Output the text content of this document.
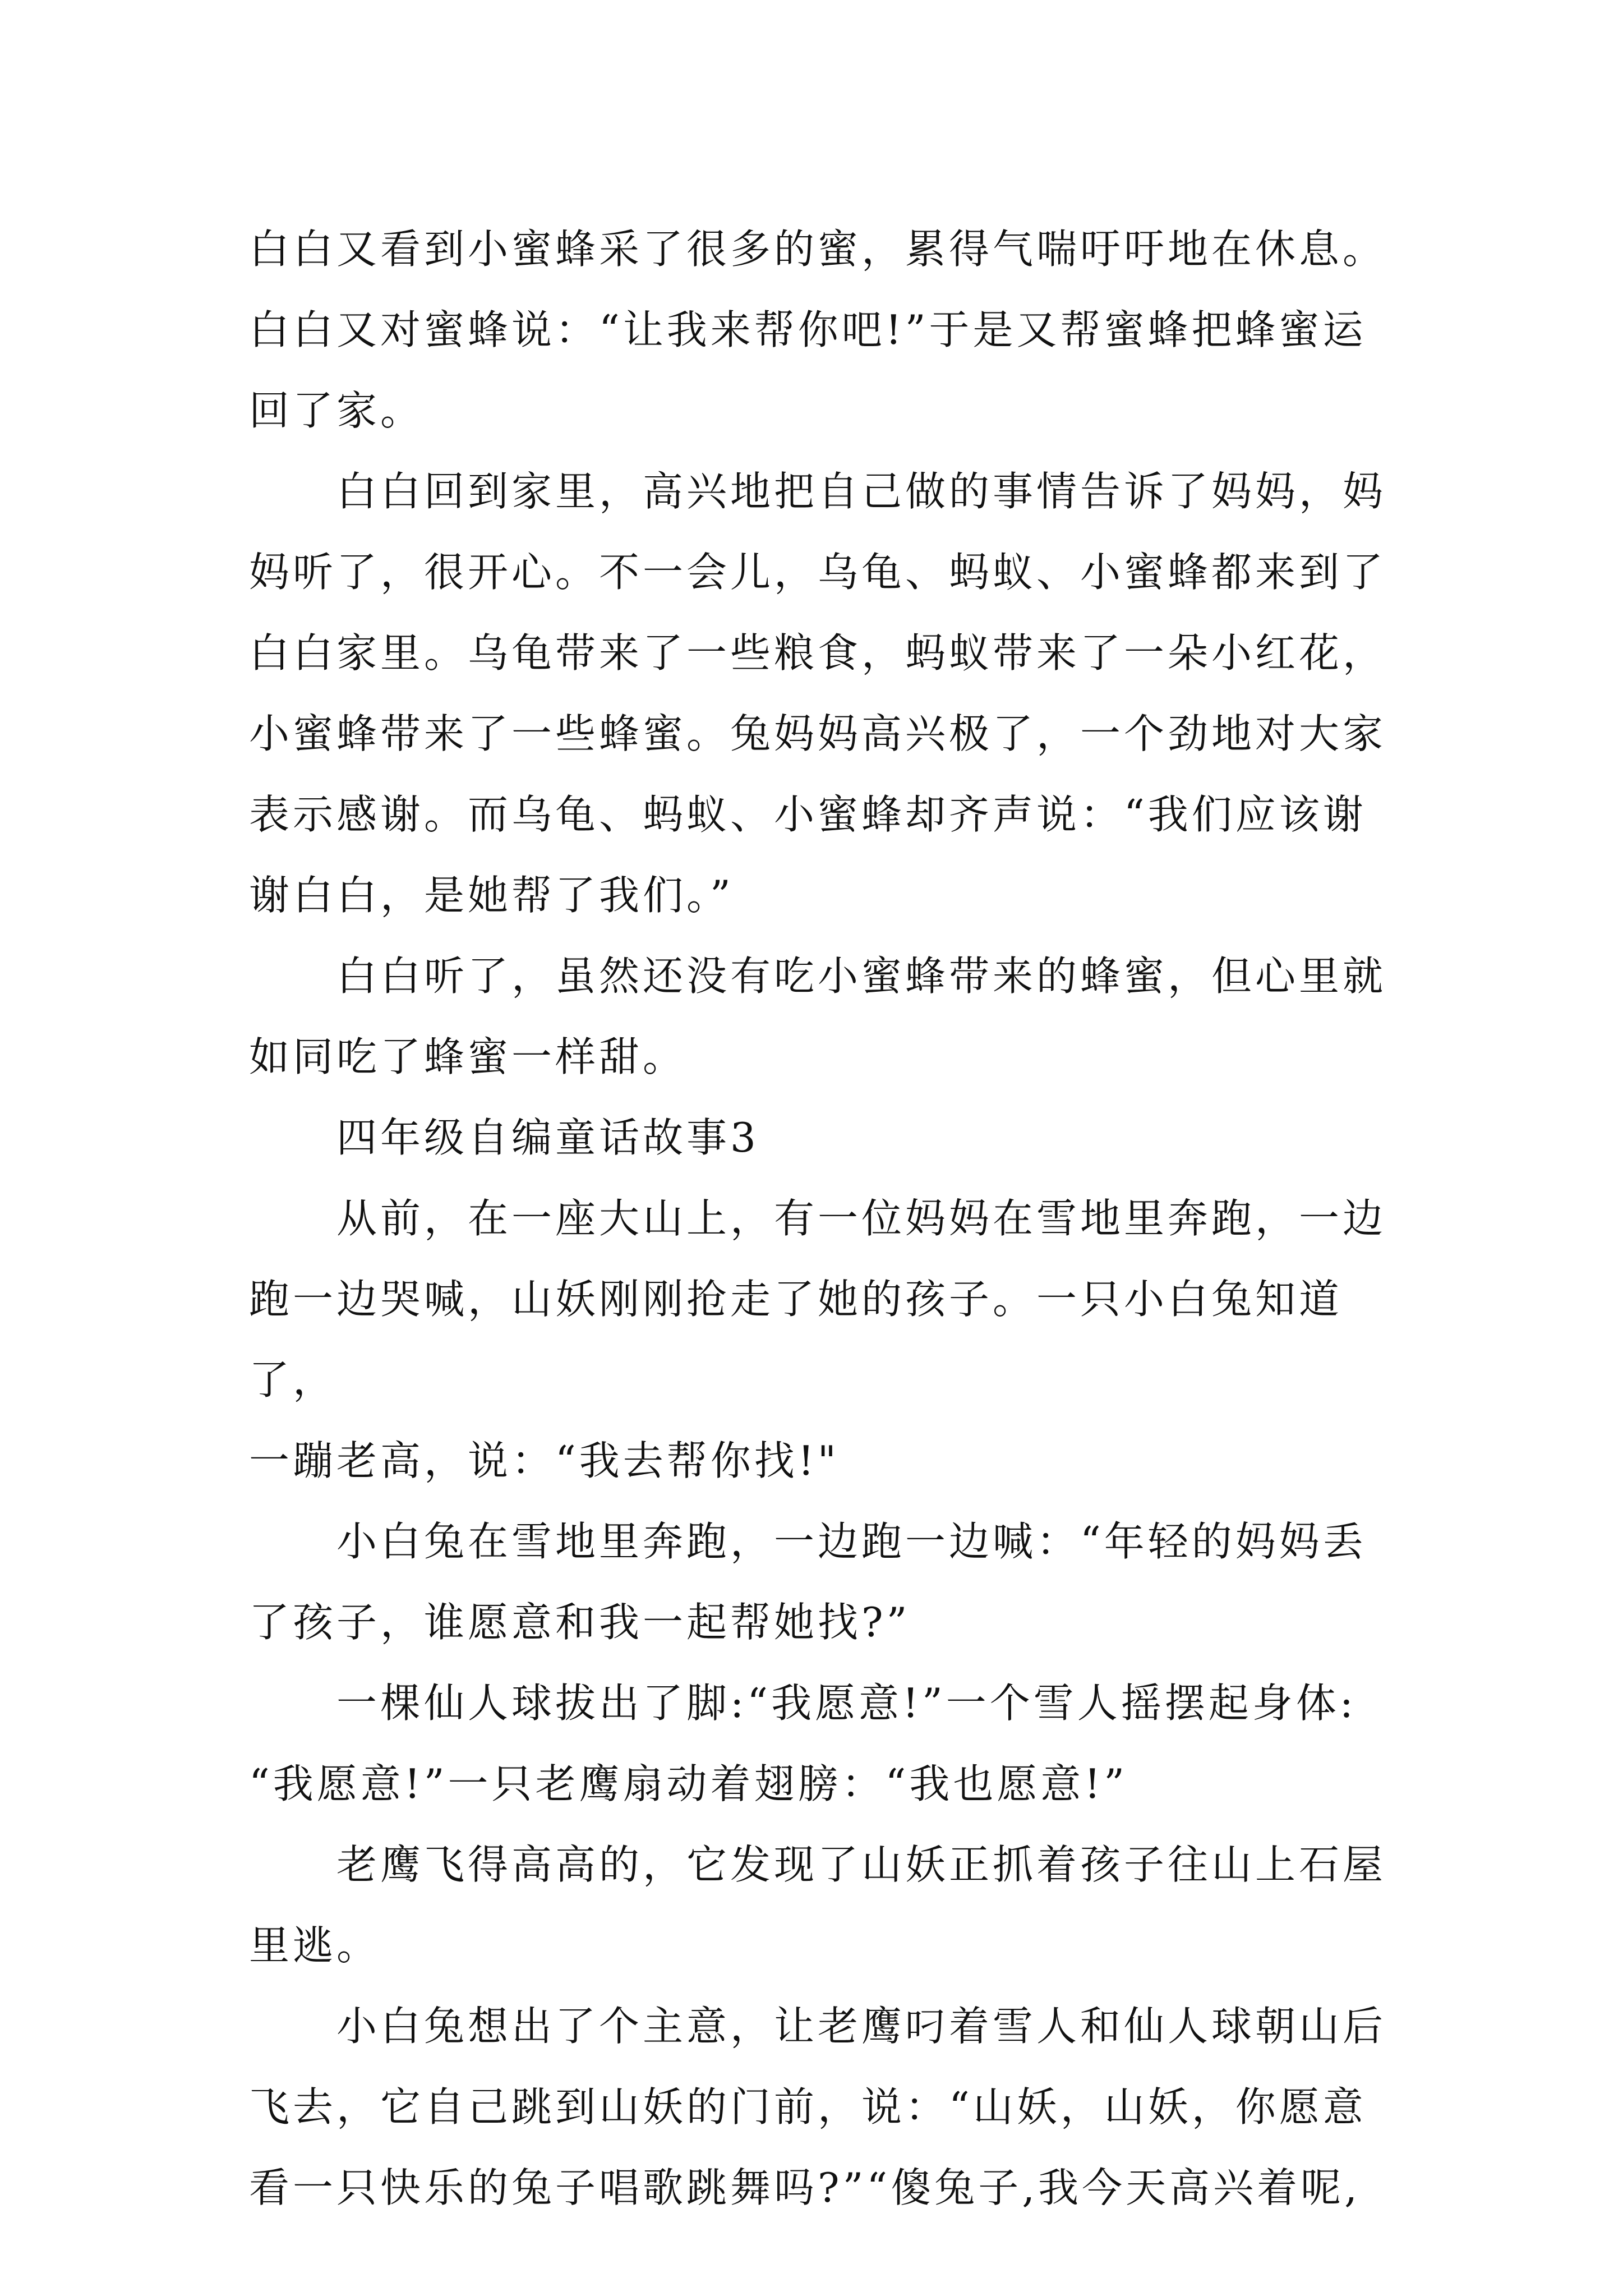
白白又看到小蜜蜂采了很多的蜜，累得气喘吁吁地在休息。
白白又对蜜蜂说：“让我来帮你吧!”于是又帮蜜蜂把蜂蜜运
回了家。

白白回到家里，高兴地把自己做的事情告诉了妈妈，妈
妈听了，很开心。不一会儿，乌龟、蚂蚁、小蜜蜂都来到了
白白家里。乌龟带来了一些粮食，蚂蚁带来了一朵小红花，
小蜜蜂带来了一些蜂蜜。兔妈妈高兴极了，一个劲地对大家
表示感谢。而乌龟、蚂蚁、小蜜蜂却齐声说：“我们应该谢
谢白白，是她帮了我们。”

白白听了，虽然还没有吃小蜜蜂带来的蜂蜜，但心里就
如同吃了蜂蜜一样甜。

四年级自编童话故事3

从前，在一座大山上，有一位妈妈在雪地里奔跑，一边
跑一边哭喊，山妖刚刚抢走了她的孩子。一只小白兔知道了，
一蹦老高，说：“我去帮你找!"

小白兔在雪地里奔跑，一边跑一边喊：“年轻的妈妈丢
了孩子，谁愿意和我一起帮她找?”

一棵仙人球拔出了脚:“我愿意!”一个雪人摇摆起身体:
“我愿意!”一只老鹰扇动着翅膀：“我也愿意!”

老鹰飞得高高的，它发现了山妖正抓着孩子往山上石屋
里逃。

小白兔想出了个主意，让老鹰叼着雪人和仙人球朝山后
飞去，它自己跳到山妖的门前，说：“山妖，山妖，你愿意
看一只快乐的兔子唱歌跳舞吗?”“傻兔子,我今天高兴着呢,
